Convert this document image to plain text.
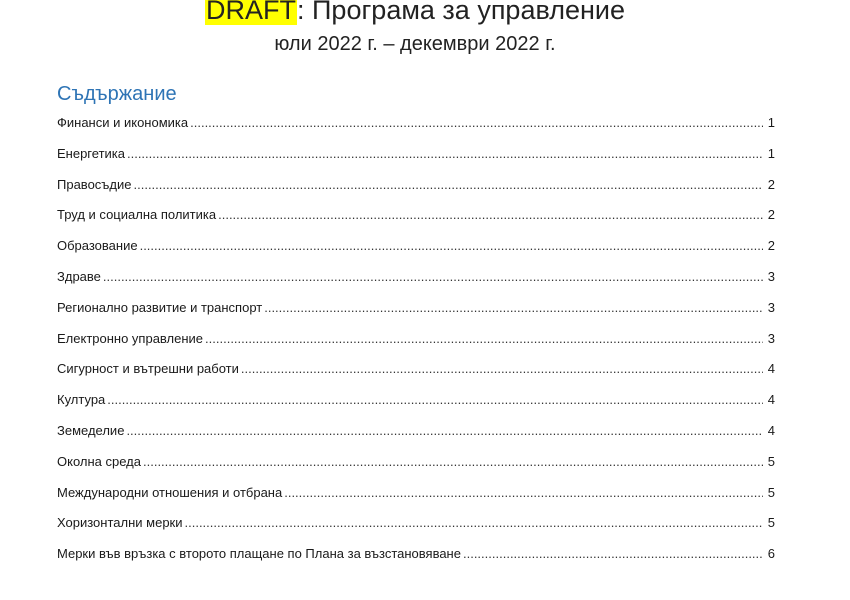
DRAFT: Програма за управление
юли 2022 г. – декември 2022 г.
Съдържание
Финанси и икономика .....	1
Енергетика .....	1
Правосъдие .....	2
Труд и социална политика .....	2
Образование .....	2
Здраве .....	3
Регионално развитие и транспорт .....	3
Електронно управление .....	3
Сигурност и вътрешни работи .....	4
Култура .....	4
Земеделие .....	4
Околна среда .....	5
Международни отношения и отбрана .....	5
Хоризонтални мерки .....	5
Мерки във връзка с второто плащане по Плана за възстановяване .....	6
